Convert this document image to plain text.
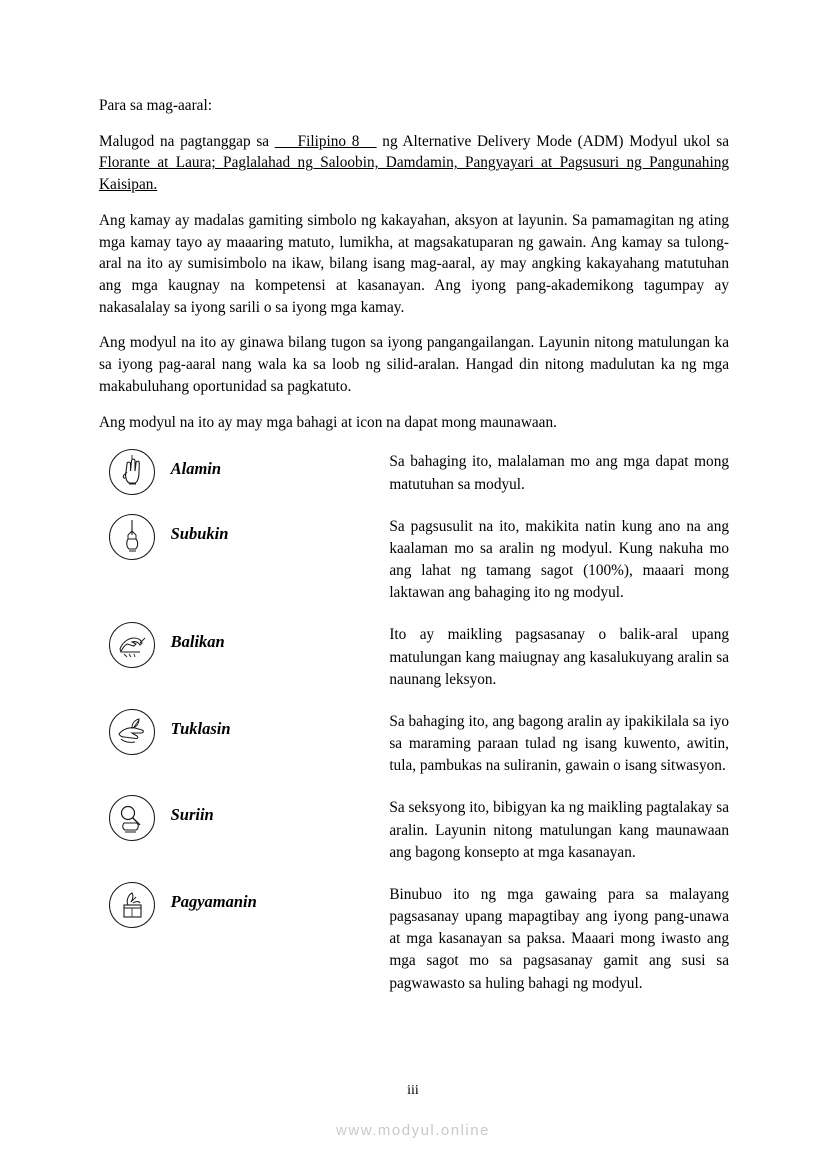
Para sa mag-aaral:

Malugod na pagtanggap sa     Filipino 8    ng Alternative Delivery Mode (ADM) Modyul ukol sa Florante at Laura; Paglalahad ng Saloobin, Damdamin, Pangyayari at Pagsusuri ng Pangunahing Kaisipan.

Ang kamay ay madalas gamiting simbolo ng kakayahan, aksyon at layunin. Sa pamamagitan ng ating mga kamay tayo ay maaaring matuto, lumikha, at magsakatuparan ng gawain. Ang kamay sa tulong-aral na ito ay sumisimbolo na ikaw, bilang isang mag-aaral, ay may angking kakayahang matutuhan ang mga kaugnay na kompetensi at kasanayan. Ang iyong pang-akademikong tagumpay ay nakasalalay sa iyong sarili o sa iyong mga kamay.

Ang modyul na ito ay ginawa bilang tugon sa iyong pangangailangan. Layunin nitong matulungan ka sa iyong pag-aaral nang wala ka sa loob ng silid-aralan. Hangad din nitong madulutan ka ng mga makabuluhang oportunidad sa pagkatuto.

Ang modyul na ito ay may mga bahagi at icon na dapat mong maunawaan.

Alamin	Sa bahaging ito, malalaman mo ang mga dapat mong matutuhan sa modyul.

Subukin	Sa pagsusulit na ito, makikita natin kung ano na ang kaalaman mo sa aralin ng modyul. Kung nakuha mo ang lahat ng tamang sagot (100%), maaari mong laktawan ang bahaging ito ng modyul.

Balikan	Ito ay maikling pagsasanay o balik-aral upang matulungan kang maiugnay ang kasalukuyang aralin sa naunang leksyon.

Tuklasin	Sa bahaging ito, ang bagong aralin ay ipakikilala sa iyo sa maraming paraan tulad ng isang kuwento, awitin, tula, pambukas na suliranin, gawain o isang sitwasyon.

Suriin	Sa seksyong ito, bibigyan ka ng maikling pagtalakay sa aralin. Layunin nitong matulungan kang maunawaan ang bagong konsepto at mga kasanayan.

Pagyamanin	Binubuo ito ng mga gawaing para sa malayang pagsasanay upang mapagtibay ang iyong pang-unawa at mga kasanayan sa paksa. Maaari mong iwasto ang mga sagot mo sa pagsasanay gamit ang susi sa pagwawasto sa huling bahagi ng modyul.
iii
www.modyul.online
